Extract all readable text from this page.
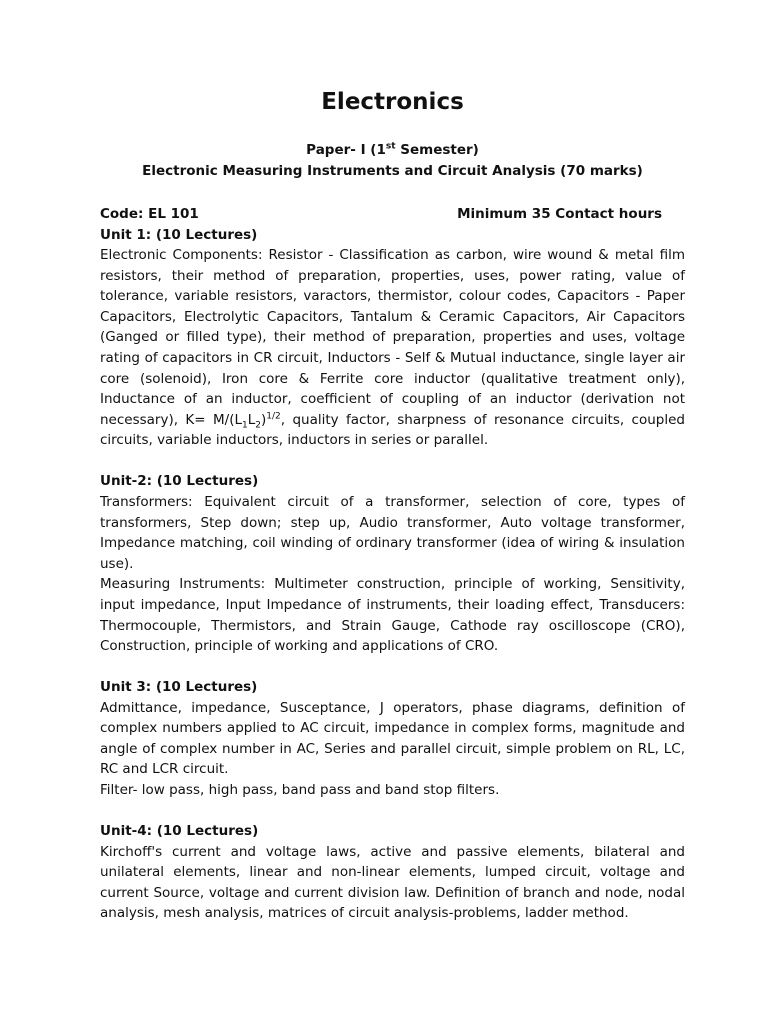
Electronics

Paper- I (1st Semester)

Electronic Measuring Instruments and Circuit Analysis (70 marks)

Code: EL 101	Minimum 35 Contact hours

Unit 1: (10 Lectures)

Electronic Components: Resistor - Classification as carbon, wire wound & metal film resistors, their method of preparation, properties, uses, power rating, value of tolerance, variable resistors, varactors, thermistor, colour codes, Capacitors - Paper Capacitors, Electrolytic Capacitors, Tantalum & Ceramic Capacitors, Air Capacitors (Ganged or filled type), their method of preparation, properties and uses, voltage rating of capacitors in CR circuit, Inductors - Self & Mutual inductance, single layer air core (solenoid), Iron core & Ferrite core inductor (qualitative treatment only), Inductance of an inductor, coefficient of coupling of an inductor (derivation not necessary), $K= M/(L_1L_2)^{1/2}$, quality factor, sharpness of resonance circuits, coupled circuits, variable inductors, inductors in series or parallel.

Unit-2: (10 Lectures)

Transformers: Equivalent circuit of a transformer, selection of core, types of transformers, Step down; step up, Audio transformer, Auto voltage transformer, Impedance matching, coil winding of ordinary transformer (idea of wiring & insulation use).

Measuring Instruments: Multimeter construction, principle of working, Sensitivity, input impedance, Input Impedance of instruments, their loading effect, Transducers: Thermocouple, Thermistors, and Strain Gauge, Cathode ray oscilloscope (CRO), Construction, principle of working and applications of CRO.

Unit 3: (10 Lectures)

Admittance, impedance, Susceptance, J operators, phase diagrams, definition of complex numbers applied to AC circuit, impedance in complex forms, magnitude and angle of complex number in AC, Series and parallel circuit, simple problem on RL, LC, RC and LCR circuit.

Filter- low pass, high pass, band pass and band stop filters.

Unit-4: (10 Lectures)

Kirchoff's current and voltage laws, active and passive elements, bilateral and unilateral elements, linear and non-linear elements, lumped circuit, voltage and current Source, voltage and current division law. Definition of branch and node, nodal analysis, mesh analysis, matrices of circuit analysis-problems, ladder method.
